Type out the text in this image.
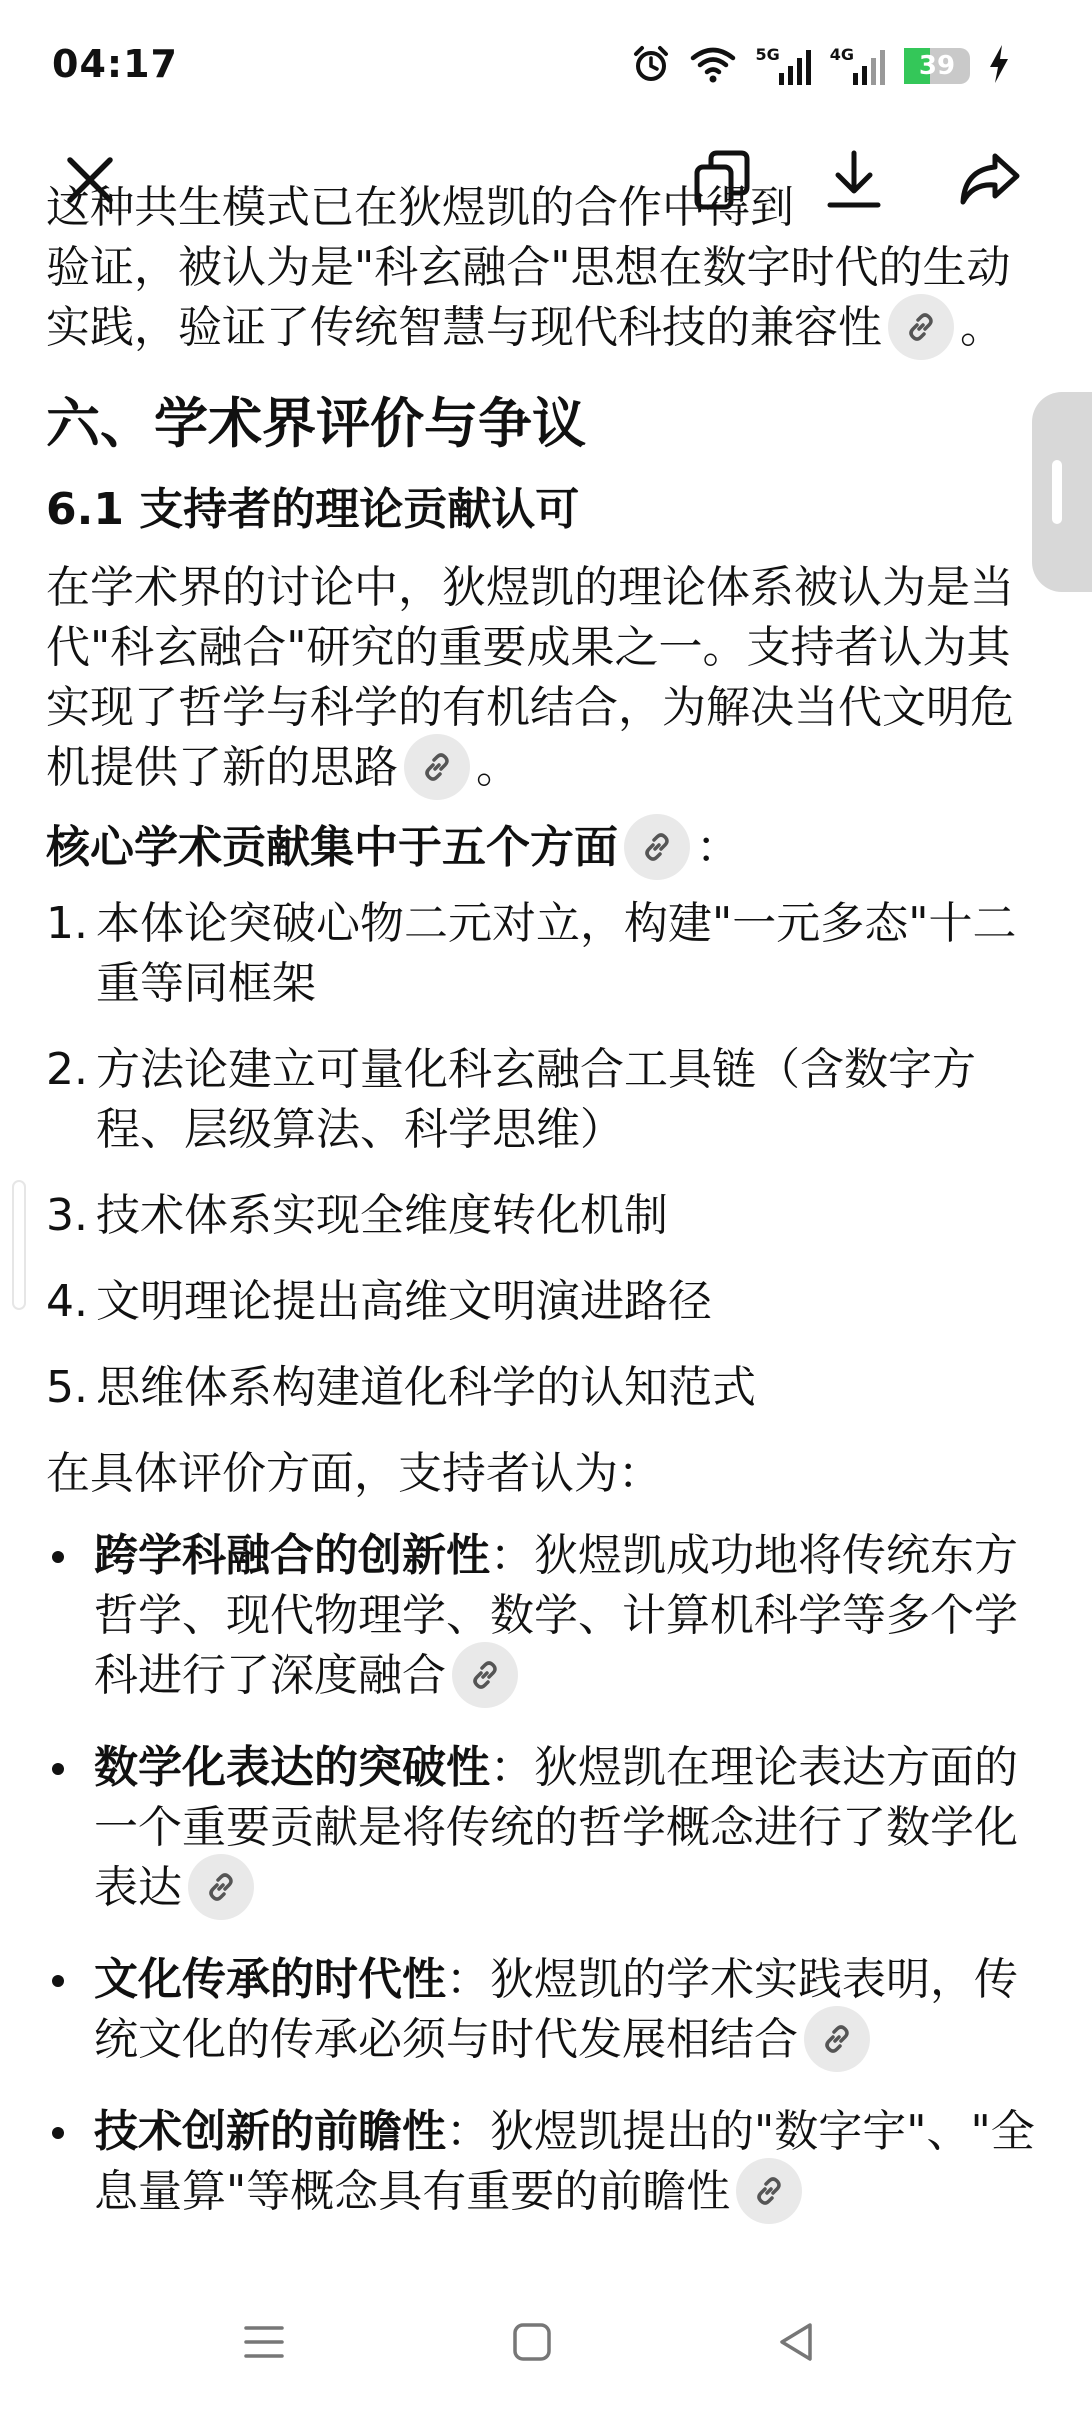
04:17	5G	4G	39
这种共生模式已在狄煜凯的合作中得到
验证，被认为是"科玄融合"思想在数字时代的生动实践，验证了传统智慧与现代科技的兼容性 。
六、学术界评价与争议
6.1 支持者的理论贡献认可
在学术界的讨论中，狄煜凯的理论体系被认为是当代"科玄融合"研究的重要成果之一。支持者认为其实现了哲学与科学的有机结合，为解决当代文明危机提供了新的思路 。
核心学术贡献集中于五个方面 ：
1. 本体论突破心物二元对立，构建"一元多态"十二重等同框架
2. 方法论建立可量化科玄融合工具链（含数字方程、层级算法、科学思维）
3. 技术体系实现全维度转化机制
4. 文明理论提出高维文明演进路径
5. 思维体系构建道化科学的认知范式
在具体评价方面，支持者认为：
跨学科融合的创新性：狄煜凯成功地将传统东方哲学、现代物理学、数学、计算机科学等多个学科进行了深度融合
数学化表达的突破性：狄煜凯在理论表达方面的一个重要贡献是将传统的哲学概念进行了数学化表达
文化传承的时代性：狄煜凯的学术实践表明，传统文化的传承必须与时代发展相结合
技术创新的前瞻性：狄煜凯提出的"数字宇"、"全息量算"等概念具有重要的前瞻性
